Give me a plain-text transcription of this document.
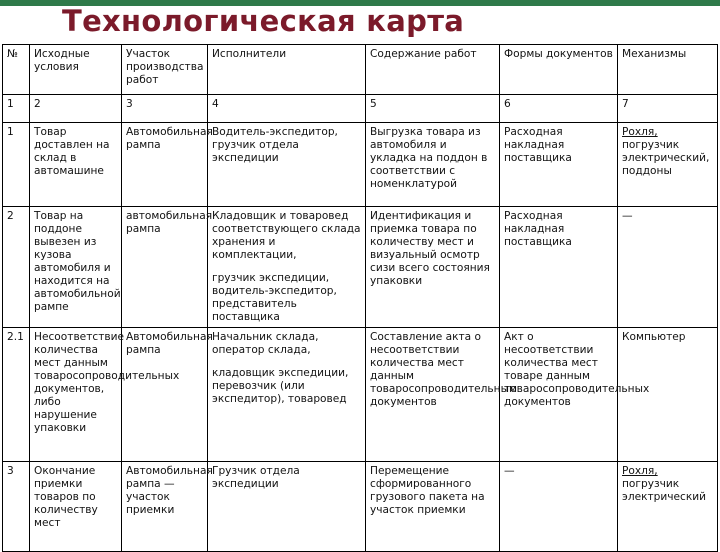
Технологическая карта
№	Исходные условия	Участок производства работ	Исполнители	Содержание работ	Формы документов	Механизмы
1	2	3	4	5	6	7
1	Товар доставлен на склад в автомашине	Автомобильная рампа	Водитель-экспедитор, грузчик отдела экспедиции	Выгрузка товара из автомобиля и укладка на поддон в соответствии с номенклатурой	Расходная накладная поставщика	Рохля,
погрузчик электрический, поддоны

2	Товар на поддоне вывезен из кузова автомобиля и находится на автомобильной рампе	автомобильная рампа	Кладовщик и товаровед соответствующего склада хранения и комплектации,
грузчик экспедиции, водитель-экспедитор, представитель поставщика	Идентификация и приемка товара по количеству мест и визуальный осмотр сизи всего состояния упаковки	Расходная накладная поставщика	—

2.1	Несоответствие количества мест данным товаросопроводительных документов, либо нарушение упаковки	Автомобильная рампа	Начальник склада, оператор склада,
кладовщик экспедиции, перевозчик (или экспедитор), товаровед	Составление акта о несоответствии количества мест данным товаросопроводительным документов	Акт о несоответствии количества мест товаре данным товаросопроводительных документов	Компьютер

3	Окончание приемки товаров по количеству мест	Автомобильная рампа — участок приемки	Грузчик отдела экспедиции	Перемещение сформированного грузового пакета на участок приемки	—	Рохля,
погрузчик электрический
